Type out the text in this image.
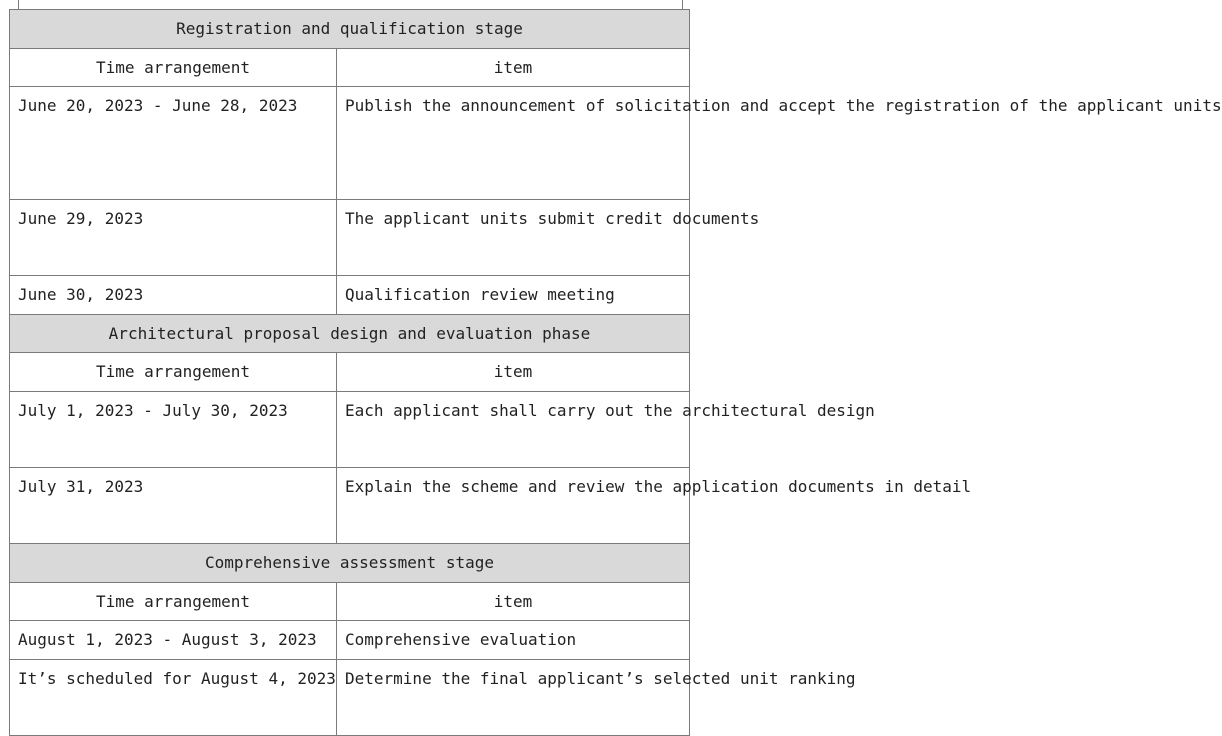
Registration and qualification stage	
Time arrangement	item
June 20, 2023 - June 28, 2023	Publish the announcement of solicitation and accept the registration of the applicant units
June 29, 2023	The applicant units submit credit documents
June 30, 2023	Qualification review meeting
Architectural proposal design and evaluation phase	
Time arrangement	item
July 1, 2023 - July 30, 2023	Each applicant shall carry out the architectural design
July 31, 2023	Explain the scheme and review the application documents in detail
Comprehensive assessment stage	
Time arrangement	item
August 1, 2023 - August 3, 2023	Comprehensive evaluation
It’s scheduled for August 4, 2023	Determine the final applicant’s selected unit ranking
